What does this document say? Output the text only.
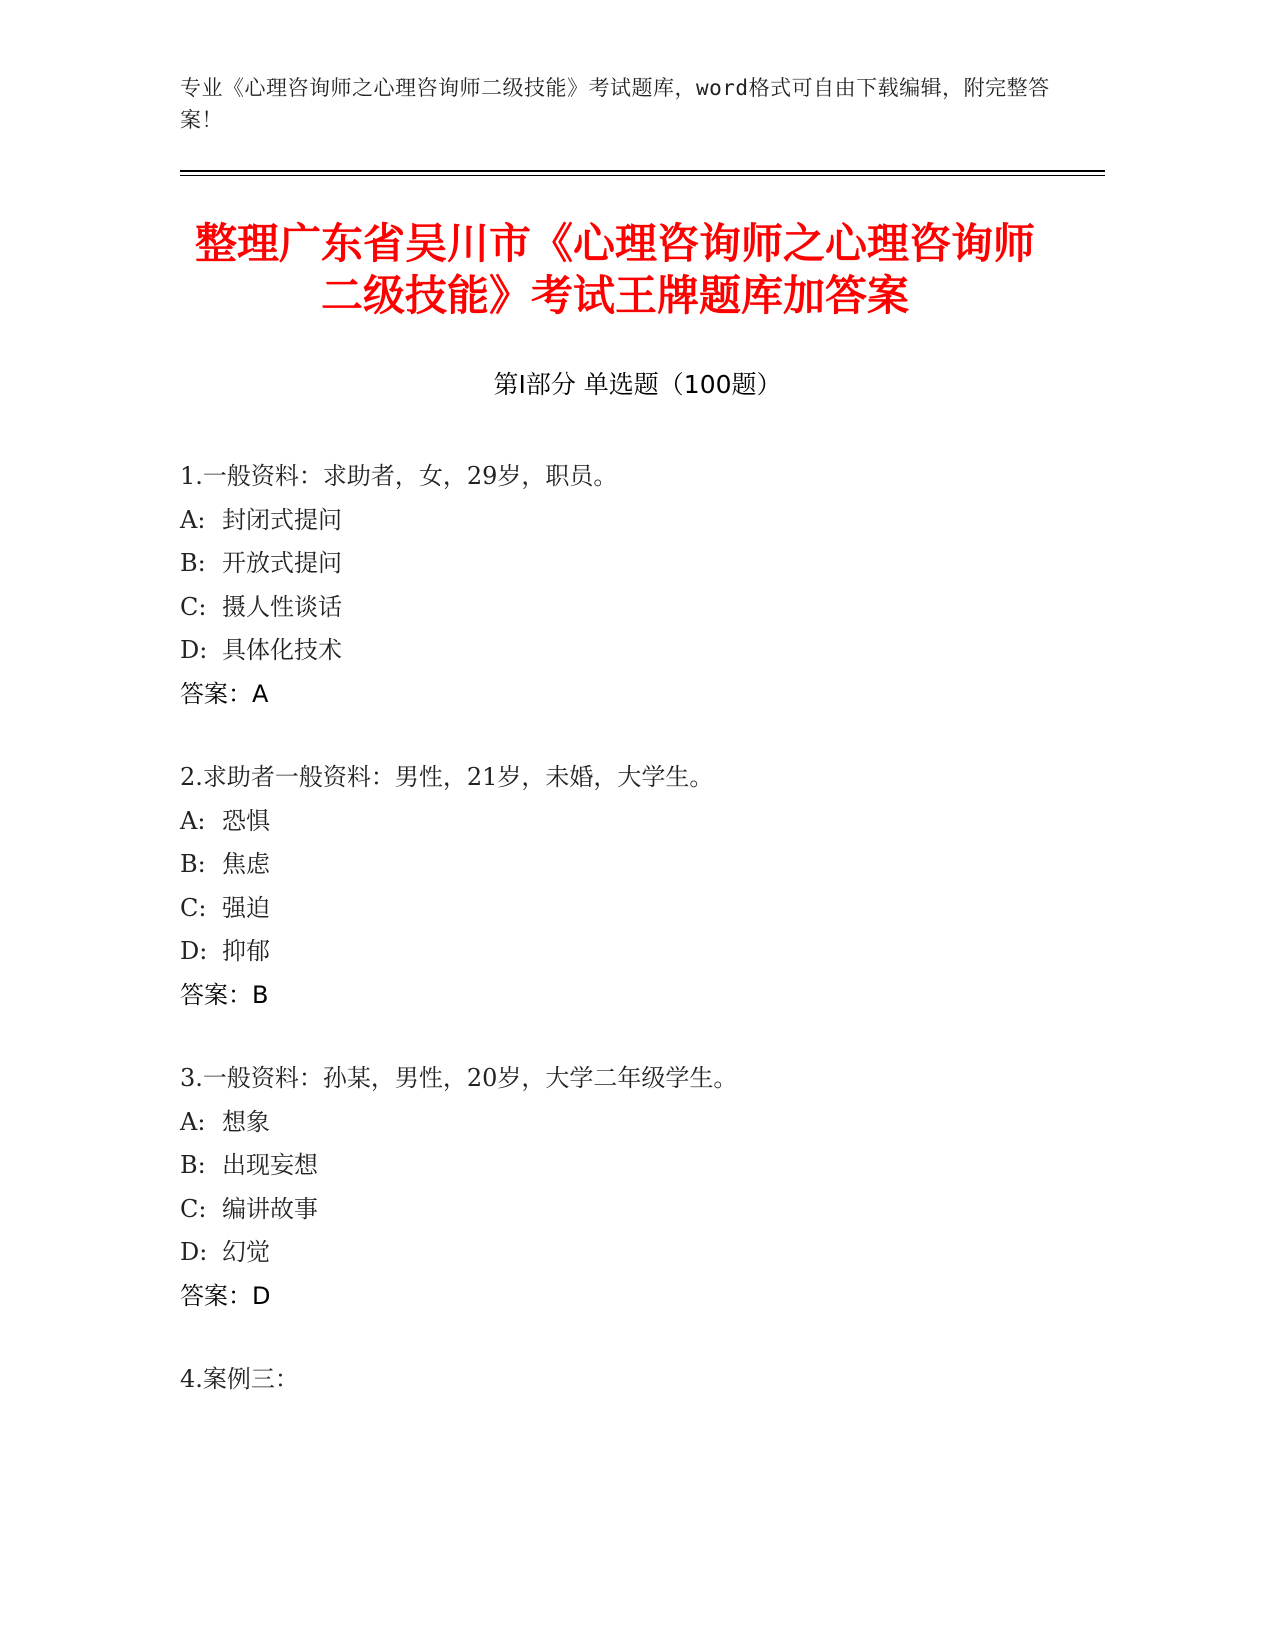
专业《心理咨询师之心理咨询师二级技能》考试题库，word格式可自由下载编辑，附完整答案！
整理广东省吴川市《心理咨询师之心理咨询师二级技能》考试王牌题库加答案
第Ⅰ部分 单选题（100题）
1.一般资料：求助者，女，29岁，职员。
A: 封闭式提问
B: 开放式提问
C: 摄人性谈话
D: 具体化技术
答案：A
2.求助者一般资料：男性，21岁，未婚，大学生。
A: 恐惧
B: 焦虑
C: 强迫
D: 抑郁
答案：B
3.一般资料：孙某，男性，20岁，大学二年级学生。
A: 想象
B: 出现妄想
C: 编讲故事
D: 幻觉
答案：D
4.案例三：
